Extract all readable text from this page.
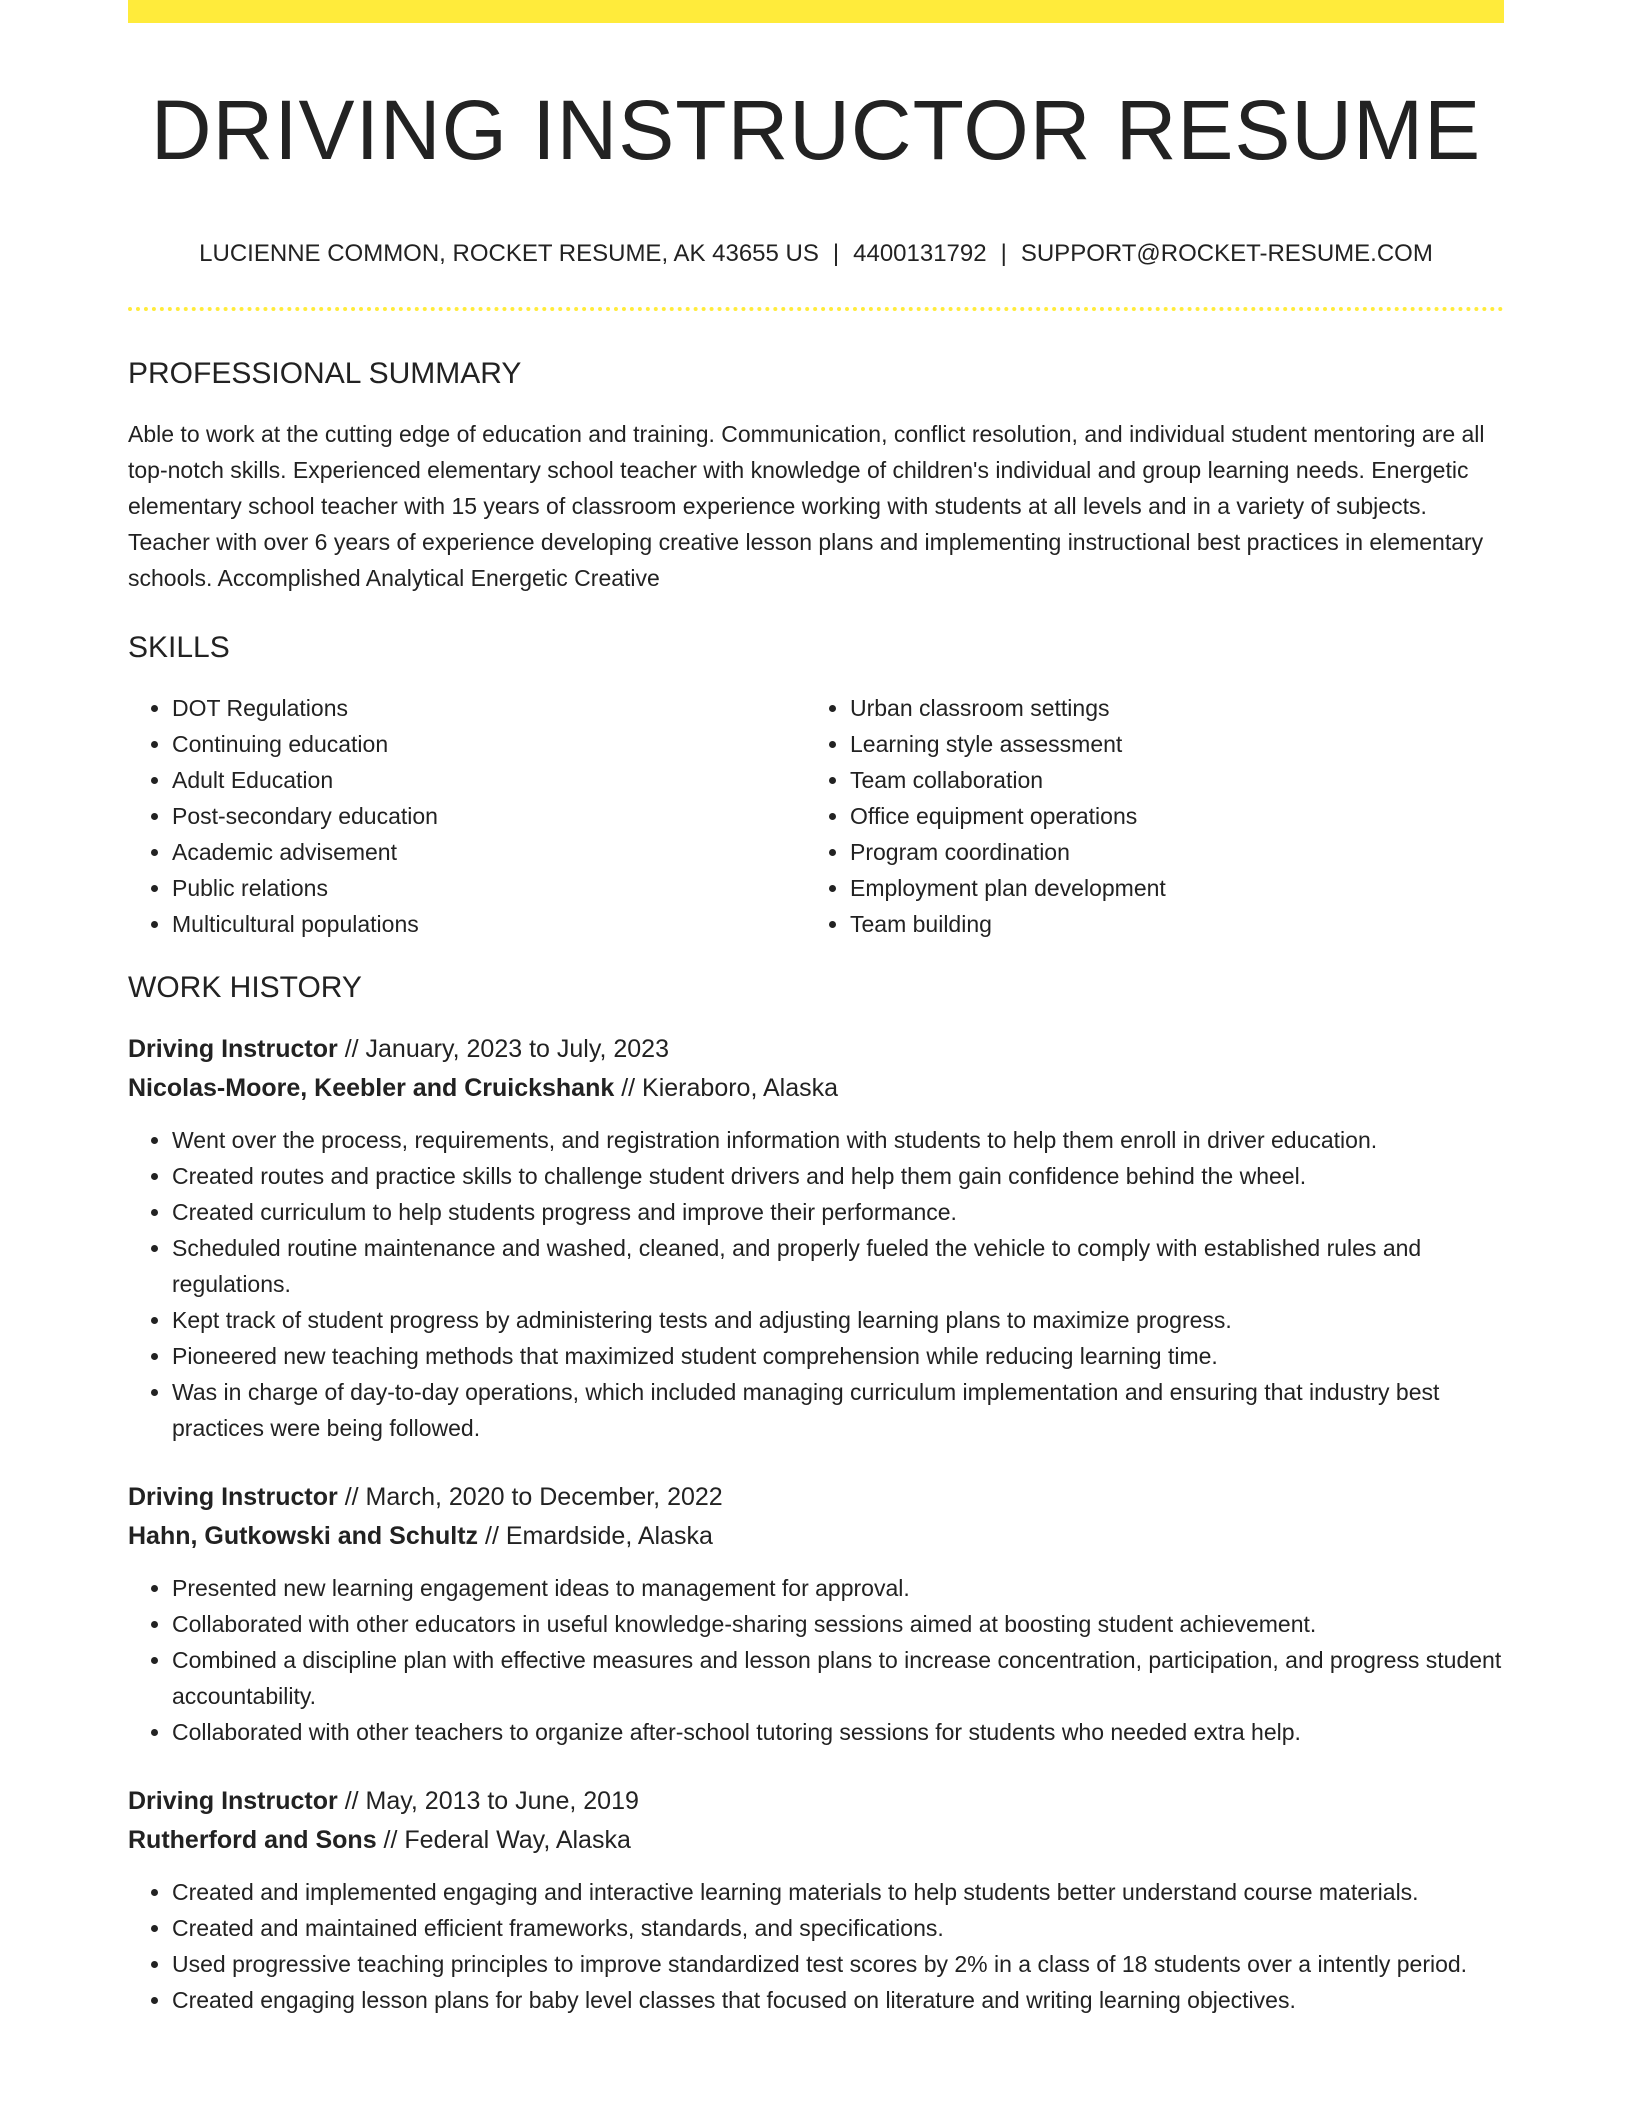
DRIVING INSTRUCTOR RESUME
LUCIENNE COMMON, ROCKET RESUME, AK 43655 US | 4400131792 | SUPPORT@ROCKET-RESUME.COM
PROFESSIONAL SUMMARY

Able to work at the cutting edge of education and training. Communication, conflict resolution, and individual student mentoring are all top-notch skills. Experienced elementary school teacher with knowledge of children's individual and group learning needs. Energetic elementary school teacher with 15 years of classroom experience working with students at all levels and in a variety of subjects. Teacher with over 6 years of experience developing creative lesson plans and implementing instructional best practices in elementary schools. Accomplished Analytical Energetic Creative

SKILLS
• DOT Regulations
• Continuing education
• Adult Education
• Post-secondary education
• Academic advisement
• Public relations
• Multicultural populations
• Urban classroom settings
• Learning style assessment
• Team collaboration
• Office equipment operations
• Program coordination
• Employment plan development
• Team building
WORK HISTORY
Driving Instructor // January, 2023 to July, 2023
Nicolas-Moore, Keebler and Cruickshank // Kieraboro, Alaska
• Went over the process, requirements, and registration information with students to help them enroll in driver education.
• Created routes and practice skills to challenge student drivers and help them gain confidence behind the wheel.
• Created curriculum to help students progress and improve their performance.
• Scheduled routine maintenance and washed, cleaned, and properly fueled the vehicle to comply with established rules and regulations.
• Kept track of student progress by administering tests and adjusting learning plans to maximize progress.
• Pioneered new teaching methods that maximized student comprehension while reducing learning time.
• Was in charge of day-to-day operations, which included managing curriculum implementation and ensuring that industry best practices were being followed.
Driving Instructor // March, 2020 to December, 2022
Hahn, Gutkowski and Schultz // Emardside, Alaska
• Presented new learning engagement ideas to management for approval.
• Collaborated with other educators in useful knowledge-sharing sessions aimed at boosting student achievement.
• Combined a discipline plan with effective measures and lesson plans to increase concentration, participation, and progress student accountability.
• Collaborated with other teachers to organize after-school tutoring sessions for students who needed extra help.
Driving Instructor // May, 2013 to June, 2019
Rutherford and Sons // Federal Way, Alaska
• Created and implemented engaging and interactive learning materials to help students better understand course materials.
• Created and maintained efficient frameworks, standards, and specifications.
• Used progressive teaching principles to improve standardized test scores by 2% in a class of 18 students over a intently period.
• Created engaging lesson plans for baby level classes that focused on literature and writing learning objectives.
